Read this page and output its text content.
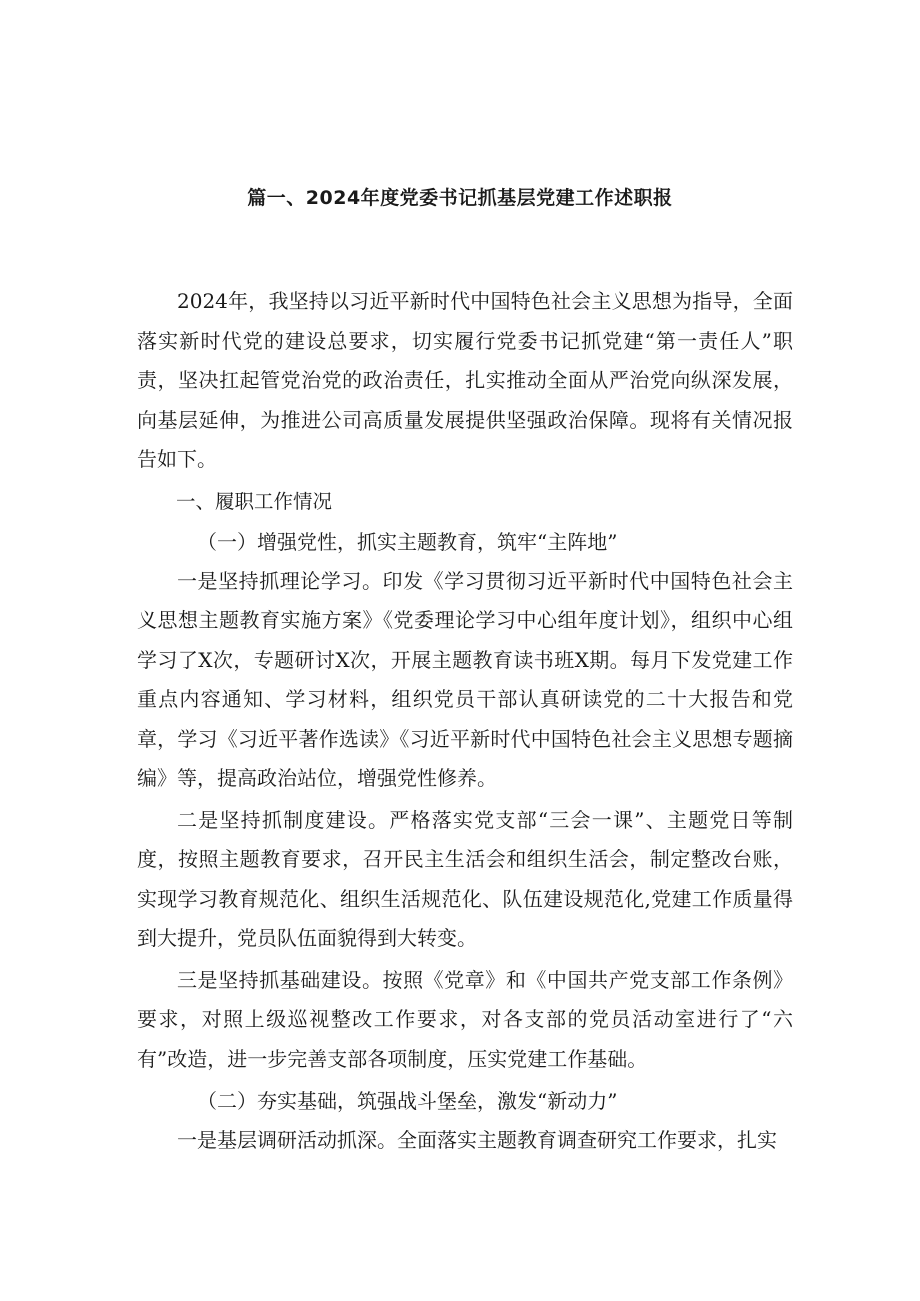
篇一、2024年度党委书记抓基层党建工作述职报

2024年，我坚持以习近平新时代中国特色社会主义思想为指导，全面落实新时代党的建设总要求，切实履行党委书记抓党建“第一责任人”职责，坚决扛起管党治党的政治责任，扎实推动全面从严治党向纵深发展，向基层延伸，为推进公司高质量发展提供坚强政治保障。现将有关情况报告如下。

一、履职工作情况

（一）增强党性，抓实主题教育，筑牢“主阵地”

一是坚持抓理论学习。印发《学习贯彻习近平新时代中国特色社会主义思想主题教育实施方案》《党委理论学习中心组年度计划》，组织中心组学习了X次，专题研讨X次，开展主题教育读书班X期。每月下发党建工作重点内容通知、学习材料，组织党员干部认真研读党的二十大报告和党章，学习《习近平著作选读》《习近平新时代中国特色社会主义思想专题摘编》等，提高政治站位，增强党性修养。

二是坚持抓制度建设。严格落实党支部“三会一课”、主题党日等制度，按照主题教育要求，召开民主生活会和组织生活会，制定整改台账，实现学习教育规范化、组织生活规范化、队伍建设规范化,党建工作质量得到大提升，党员队伍面貌得到大转变。

三是坚持抓基础建设。按照《党章》和《中国共产党支部工作条例》要求，对照上级巡视整改工作要求，对各支部的党员活动室进行了“六有”改造，进一步完善支部各项制度，压实党建工作基础。

（二）夯实基础，筑强战斗堡垒，激发“新动力”

一是基层调研活动抓深。全面落实主题教育调查研究工作要求，扎实
